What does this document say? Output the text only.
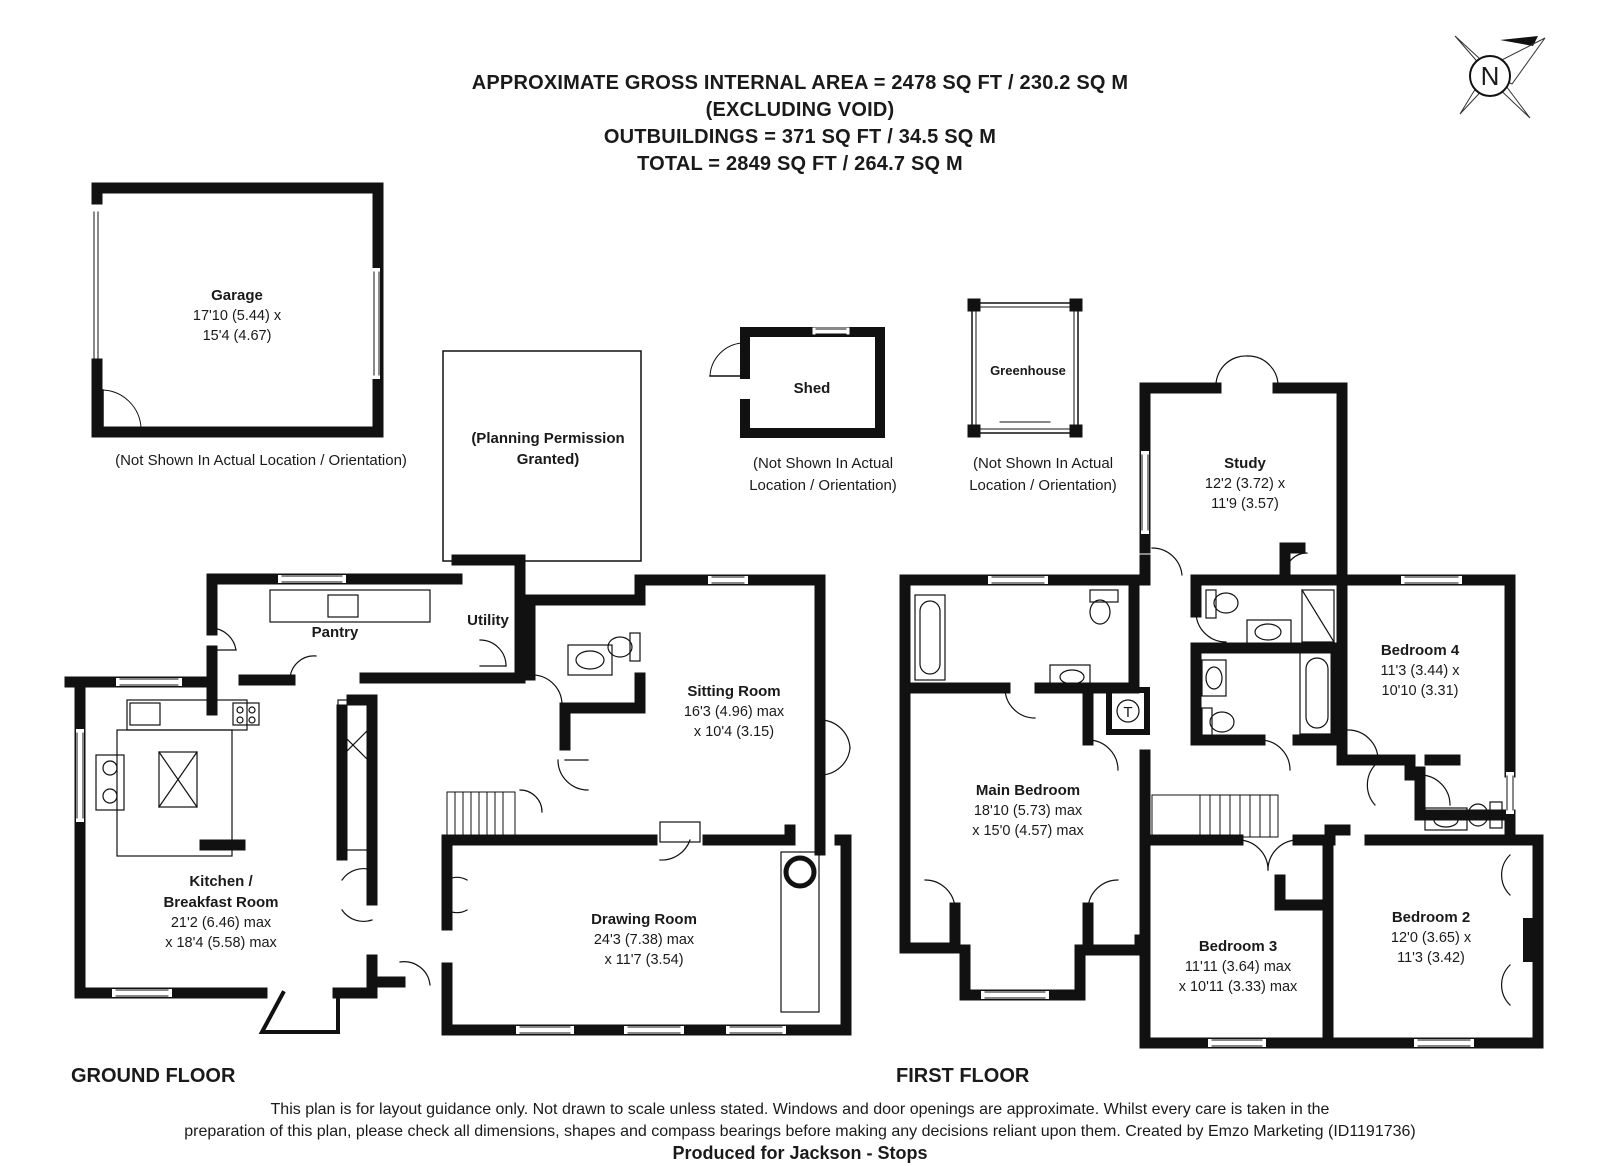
APPROXIMATE GROSS INTERNAL AREA = 2478 SQ FT / 230.2 SQ M
(EXCLUDING VOID)
OUTBUILDINGS = 371 SQ FT / 34.5 SQ M
TOTAL = 2849 SQ FT / 264.7 SQ M
N
Garage
17'10 (5.44) x
15'4 (4.67)
(Not Shown In Actual Location / Orientation)
(Planning Permission
Granted)
Shed
(Not Shown In Actual
Location / Orientation)
Greenhouse
(Not Shown In Actual
Location / Orientation)
Pantry
Utility
Kitchen /
Breakfast Room
21'2 (6.46) max
x 18'4 (5.58) max
Sitting Room
16'3 (4.96) max
x 10'4 (3.15)
Drawing Room
24'3 (7.38) max
x 11'7 (3.54)
Study
12'2 (3.72) x
11'9 (3.57)
Bedroom 4
11'3 (3.44) x
10'10 (3.31)
Main Bedroom
18'10 (5.73) max
x 15'0 (4.57) max
Bedroom 3
11'11 (3.64) max
x 10'11 (3.33) max
Bedroom 2
12'0 (3.65) x
11'3 (3.42)
T
GROUND FLOOR	FIRST FLOOR
This plan is for layout guidance only. Not drawn to scale unless stated. Windows and door openings are approximate. Whilst every care is taken in the
preparation of this plan, please check all dimensions, shapes and compass bearings before making any decisions reliant upon them. Created by Emzo Marketing (ID1191736)
Produced for Jackson - Stops
